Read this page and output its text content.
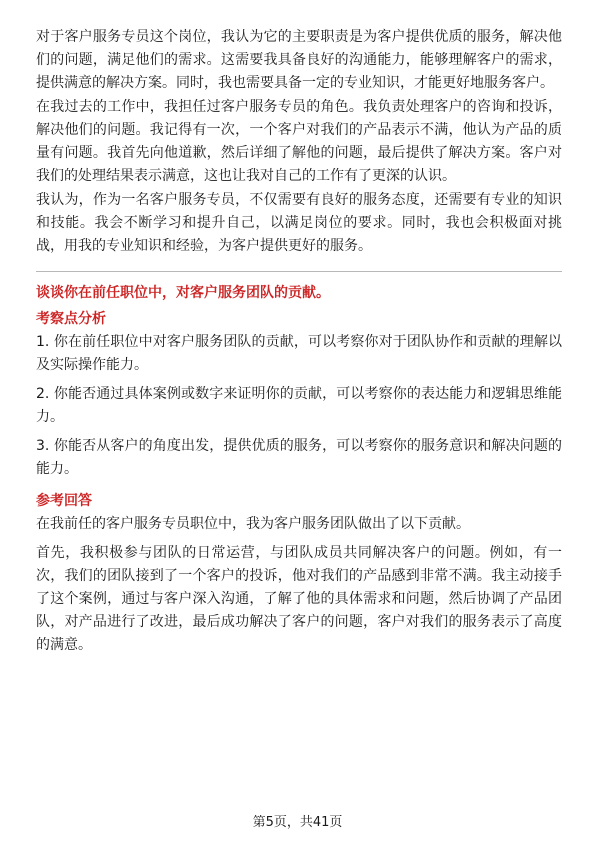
对于客户服务专员这个岗位，我认为它的主要职责是为客户提供优质的服务，解决他们的问题，满足他们的需求。这需要我具备良好的沟通能力，能够理解客户的需求，提供满意的解决方案。同时，我也需要具备一定的专业知识，才能更好地服务客户。

在我过去的工作中，我担任过客户服务专员的角色。我负责处理客户的咨询和投诉，解决他们的问题。我记得有一次，一个客户对我们的产品表示不满，他认为产品的质量有问题。我首先向他道歉，然后详细了解他的问题，最后提供了解决方案。客户对我们的处理结果表示满意，这也让我对自己的工作有了更深的认识。

我认为，作为一名客户服务专员，不仅需要有良好的服务态度，还需要有专业的知识和技能。我会不断学习和提升自己，以满足岗位的要求。同时，我也会积极面对挑战，用我的专业知识和经验，为客户提供更好的服务。

谈谈你在前任职位中，对客户服务团队的贡献。

考察点分析

1. 你在前任职位中对客户服务团队的贡献，可以考察你对于团队协作和贡献的理解以及实际操作能力。

2. 你能否通过具体案例或数字来证明你的贡献，可以考察你的表达能力和逻辑思维能力。

3. 你能否从客户的角度出发，提供优质的服务，可以考察你的服务意识和解决问题的能力。

参考回答

在我前任的客户服务专员职位中，我为客户服务团队做出了以下贡献。

首先，我积极参与团队的日常运营，与团队成员共同解决客户的问题。例如，有一次，我们的团队接到了一个客户的投诉，他对我们的产品感到非常不满。我主动接手了这个案例，通过与客户深入沟通，了解了他的具体需求和问题，然后协调了产品团队，对产品进行了改进，最后成功解决了客户的问题，客户对我们的服务表示了高度的满意。

第5页，共41页
